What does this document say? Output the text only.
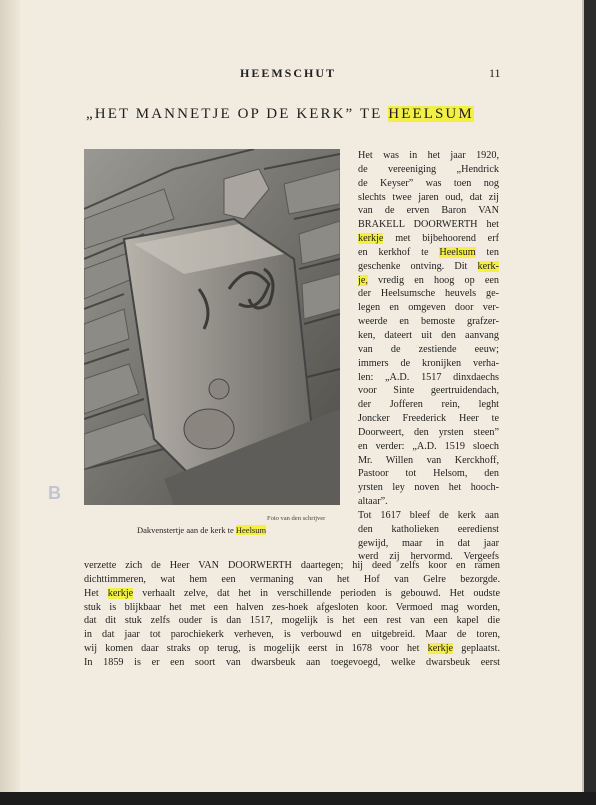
HEEMSCHUT	11
„HET MANNETJE OP DE KERK” TE HEELSUM
Foto van den schrijver
Dakvenstertje aan de kerk te Heelsum
B
Het was in het jaar 1920,
de vereeniging „Hendrick
de Keyser” was toen nog
slechts twee jaren oud, dat zij
van de erven Baron VAN
BRAKELL DOORWERTH het
kerkje met bijbehoorend erf
en kerkhof te Heelsum ten
geschenke ontving. Dit kerk-
je, vredig en hoog op een
der Heelsumsche heuvels ge-
legen en omgeven door ver-
weerde en bemoste grafzer-
ken, dateert uit den aanvang
van de zestiende eeuw;
immers de kronijken verha-
len: „A.D. 1517 dinxdaechs
voor Sinte geertruidendach,
der Jofferen rein, leght
Joncker Freederick Heer te
Doorweert, den yrsten steen”
en verder: „A.D. 1519 sloech
Mr. Willen van Kerckhoff,
Pastoor tot Helsom, den
yrsten ley noven het hooch-
altaar”.
Tot 1617 bleef de kerk aan
den katholieken eeredienst
gewijd, maar in dat jaar
werd zij hervormd. Vergeefs
verzette zich de Heer VAN DOORWERTH daartegen; hij deed zelfs koor en ramen
dichttimmeren, wat hem een vermaning van het Hof van Gelre bezorgde.
Het kerkje verhaalt zelve, dat het in verschillende perioden is gebouwd. Het oudste
stuk is blijkbaar het met een halven zes-hoek afgesloten koor. Vermoed mag worden,
dat dit stuk zelfs ouder is dan 1517, mogelijk is het een rest van een kapel die
in dat jaar tot parochiekerk verheven, is verbouwd en uitgebreid. Maar de toren,
wij komen daar straks op terug, is mogelijk eerst in 1678 voor het kerkje geplaatst.
In 1859 is er een soort van dwarsbeuk aan toegevoegd, welke dwarsbeuk eerst
